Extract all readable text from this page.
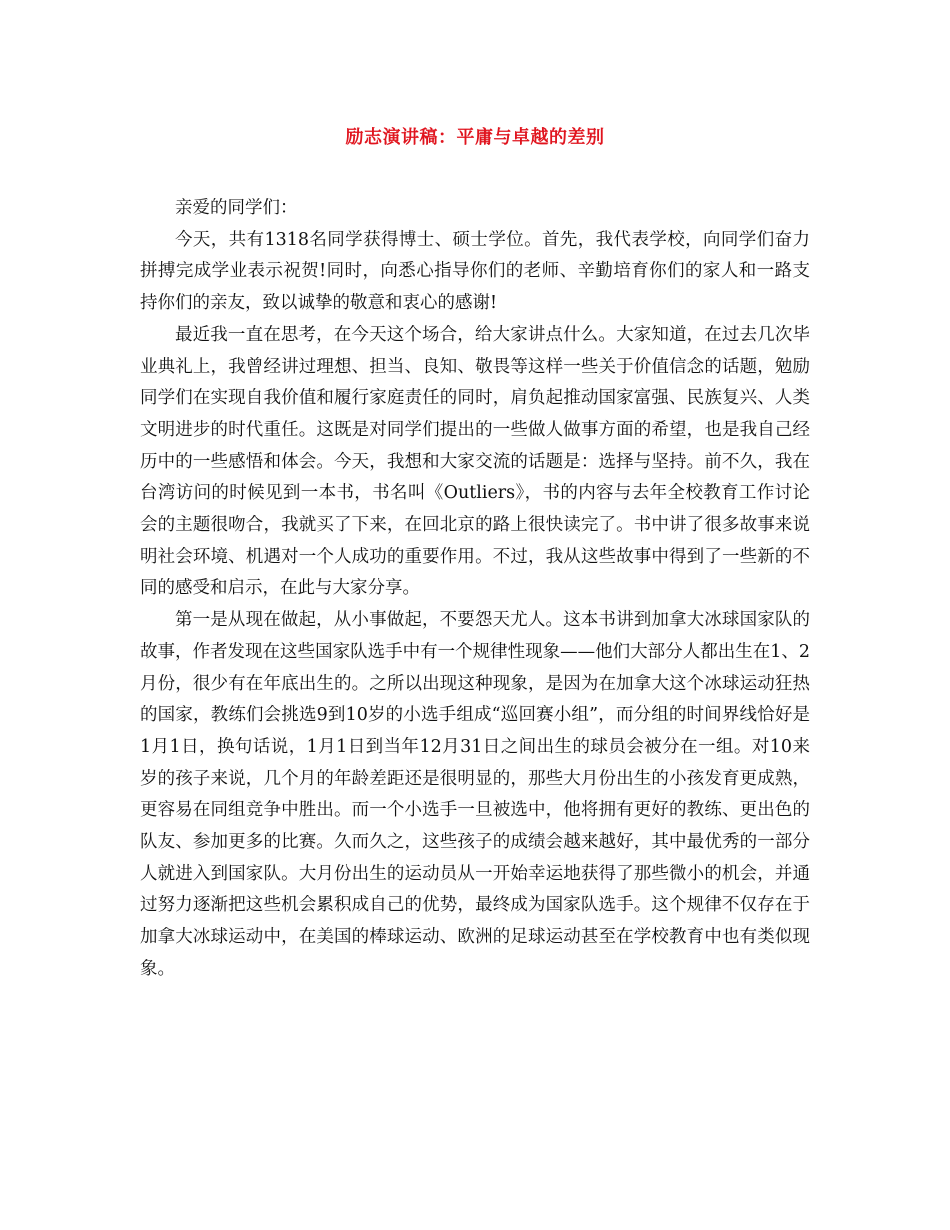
励志演讲稿：平庸与卓越的差别

亲爱的同学们：

今天，共有1318名同学获得博士、硕士学位。首先，我代表学校，向同学们奋力拼搏完成学业表示祝贺!同时，向悉心指导你们的老师、辛勤培育你们的家人和一路支持你们的亲友，致以诚挚的敬意和衷心的感谢!

最近我一直在思考，在今天这个场合，给大家讲点什么。大家知道，在过去几次毕业典礼上，我曾经讲过理想、担当、良知、敬畏等这样一些关于价值信念的话题，勉励同学们在实现自我价值和履行家庭责任的同时，肩负起推动国家富强、民族复兴、人类文明进步的时代重任。这既是对同学们提出的一些做人做事方面的希望，也是我自己经历中的一些感悟和体会。今天，我想和大家交流的话题是：选择与坚持。前不久，我在台湾访问的时候见到一本书，书名叫《Outliers》，书的内容与去年全校教育工作讨论会的主题很吻合，我就买了下来，在回北京的路上很快读完了。书中讲了很多故事来说明社会环境、机遇对一个人成功的重要作用。不过，我从这些故事中得到了一些新的不同的感受和启示，在此与大家分享。

第一是从现在做起，从小事做起，不要怨天尤人。这本书讲到加拿大冰球国家队的故事，作者发现在这些国家队选手中有一个规律性现象——他们大部分人都出生在1、2月份，很少有在年底出生的。之所以出现这种现象，是因为在加拿大这个冰球运动狂热的国家，教练们会挑选9到10岁的小选手组成“巡回赛小组”，而分组的时间界线恰好是1月1日，换句话说，1月1日到当年12月31日之间出生的球员会被分在一组。对10来岁的孩子来说，几个月的年龄差距还是很明显的，那些大月份出生的小孩发育更成熟，更容易在同组竞争中胜出。而一个小选手一旦被选中，他将拥有更好的教练、更出色的队友、参加更多的比赛。久而久之，这些孩子的成绩会越来越好，其中最优秀的一部分人就进入到国家队。大月份出生的运动员从一开始幸运地获得了那些微小的机会，并通过努力逐渐把这些机会累积成自己的优势，最终成为国家队选手。这个规律不仅存在于加拿大冰球运动中，在美国的棒球运动、欧洲的足球运动甚至在学校教育中也有类似现象。
